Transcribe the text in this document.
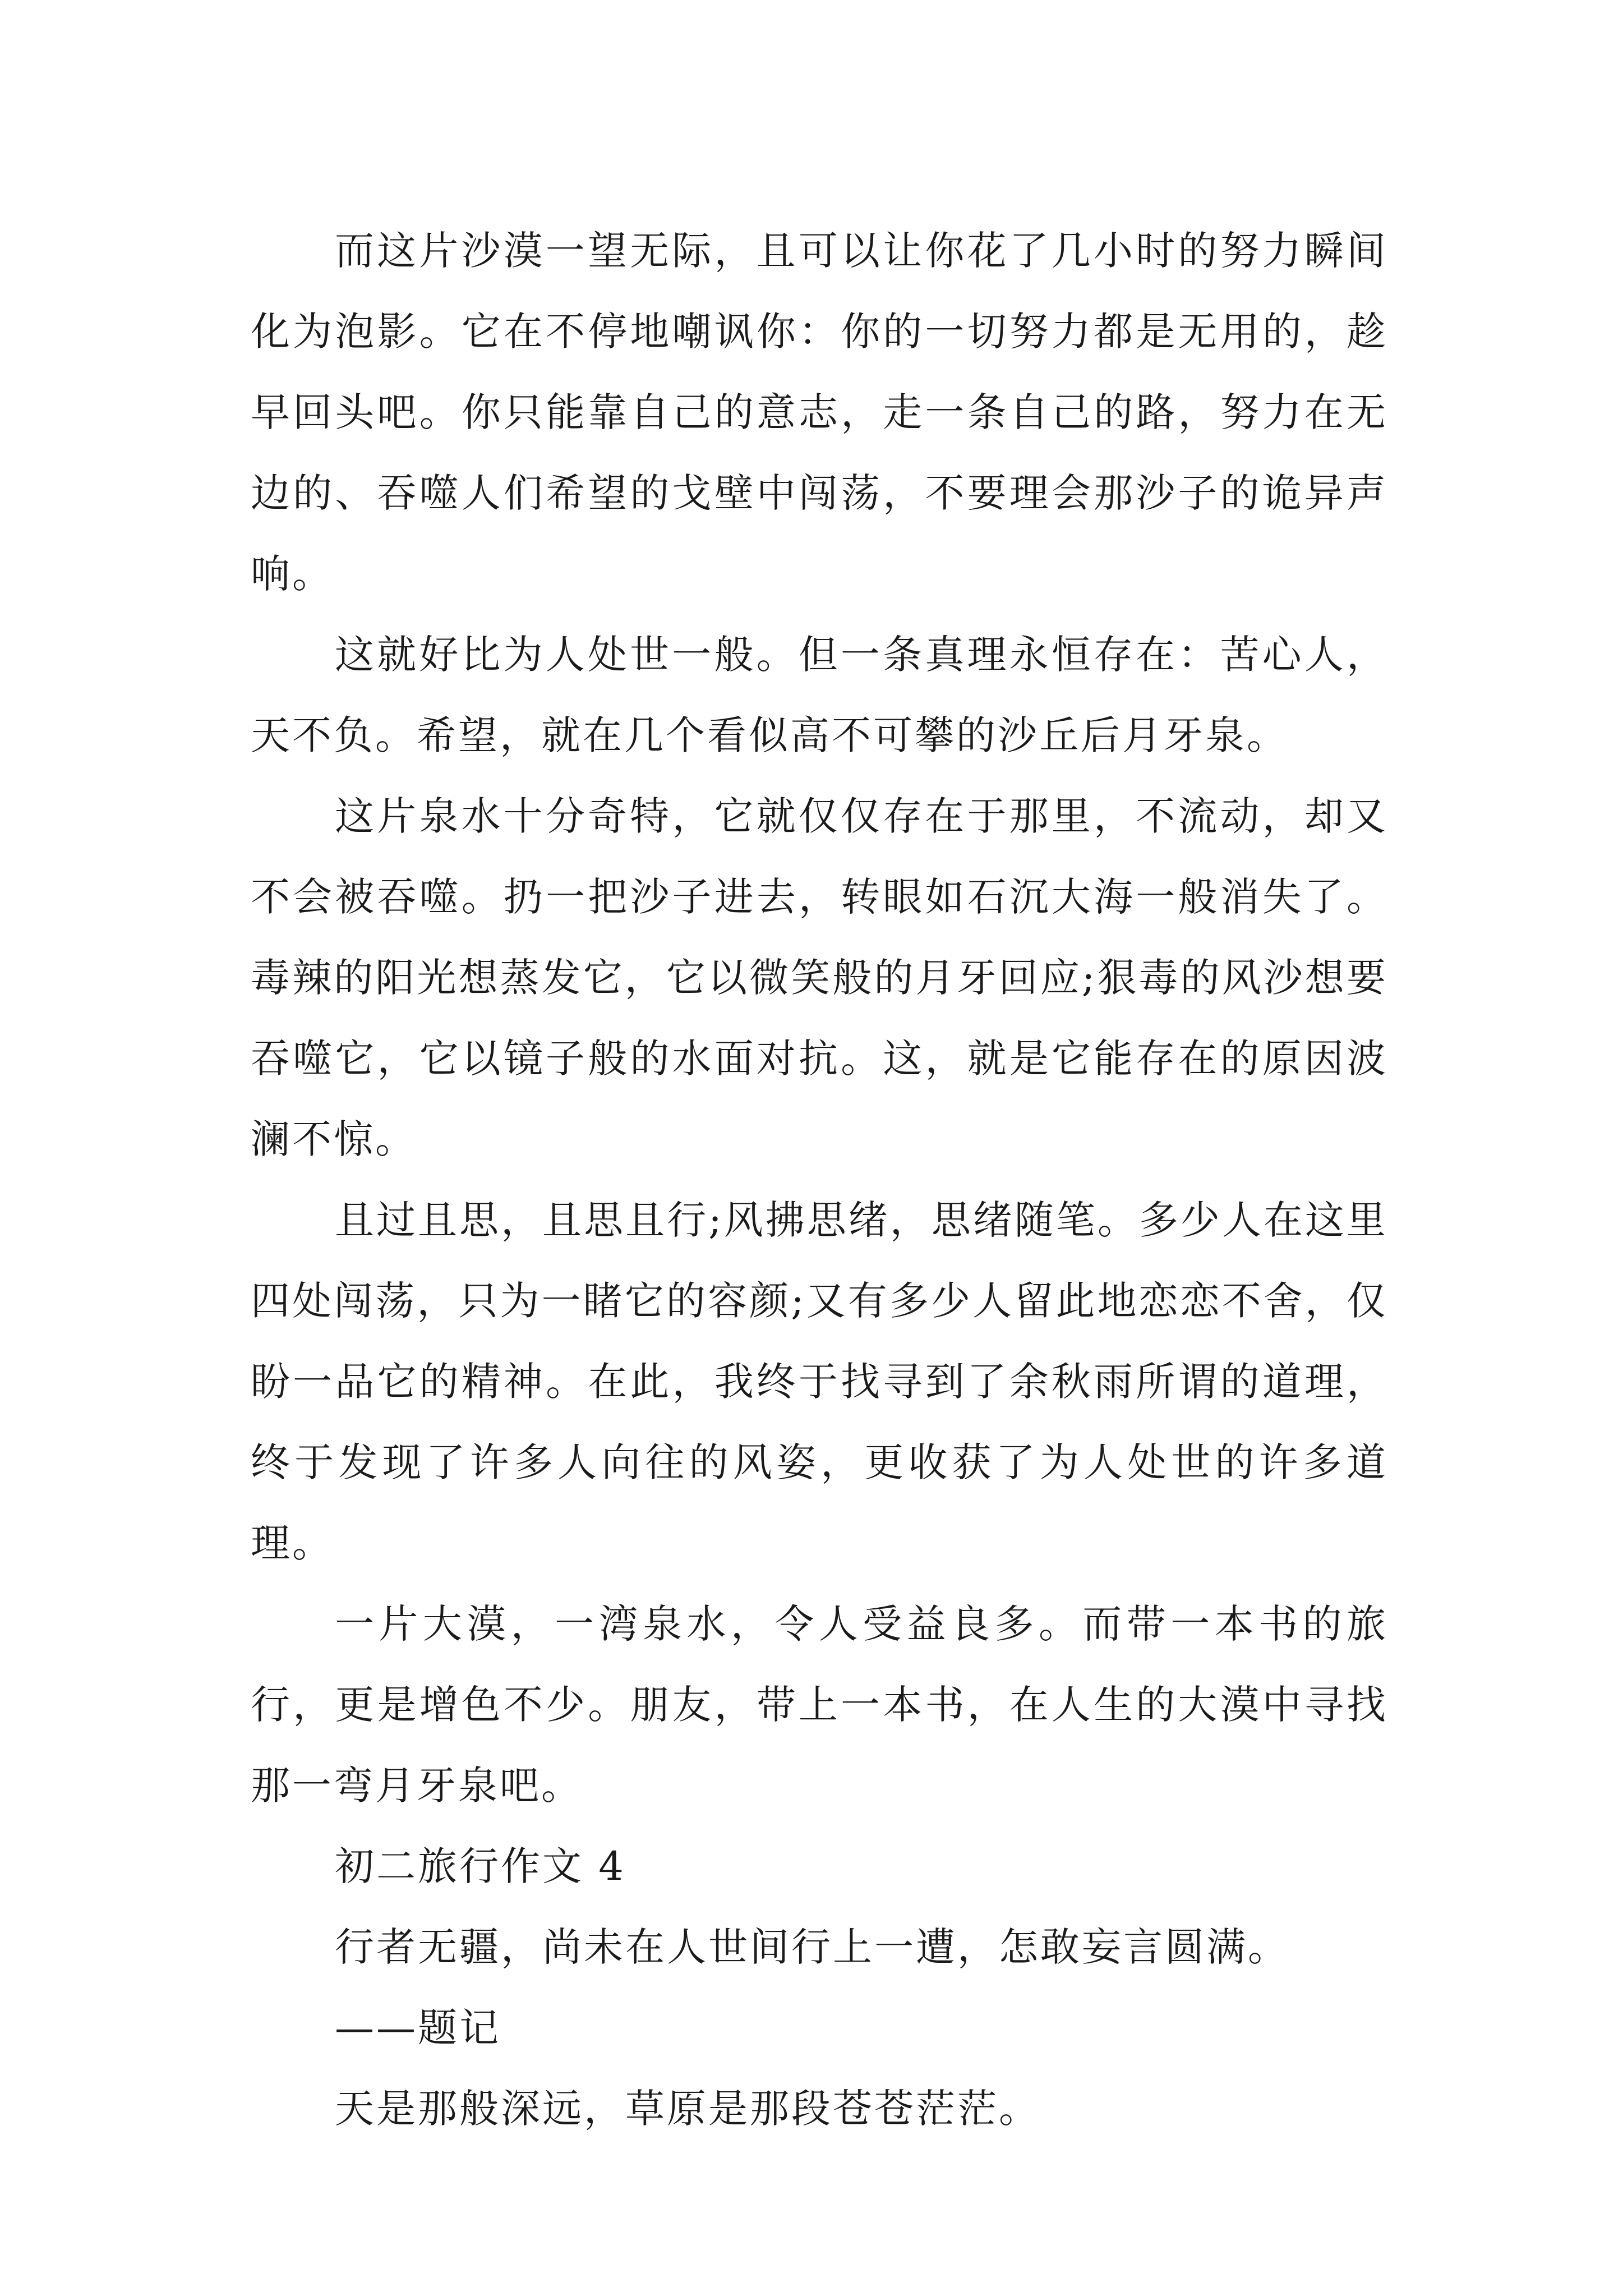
而这片沙漠一望无际，且可以让你花了几小时的努力瞬间化为泡影。它在不停地嘲讽你：你的一切努力都是无用的，趁早回头吧。你只能靠自己的意志，走一条自己的路，努力在无边的、吞噬人们希望的戈壁中闯荡，不要理会那沙子的诡异声响。

这就好比为人处世一般。但一条真理永恒存在：苦心人，天不负。希望，就在几个看似高不可攀的沙丘后月牙泉。

这片泉水十分奇特，它就仅仅存在于那里，不流动，却又不会被吞噬。扔一把沙子进去，转眼如石沉大海一般消失了。毒辣的阳光想蒸发它，它以微笑般的月牙回应;狠毒的风沙想要吞噬它，它以镜子般的水面对抗。这，就是它能存在的原因波澜不惊。

且过且思，且思且行;风拂思绪，思绪随笔。多少人在这里四处闯荡，只为一睹它的容颜;又有多少人留此地恋恋不舍，仅盼一品它的精神。在此，我终于找寻到了余秋雨所谓的道理，终于发现了许多人向往的风姿，更收获了为人处世的许多道理。

一片大漠，一湾泉水，令人受益良多。而带一本书的旅行，更是增色不少。朋友，带上一本书，在人生的大漠中寻找那一弯月牙泉吧。

初二旅行作文 4

行者无疆，尚未在人世间行上一遭，怎敢妄言圆满。

——题记

天是那般深远，草原是那段苍苍茫茫。
